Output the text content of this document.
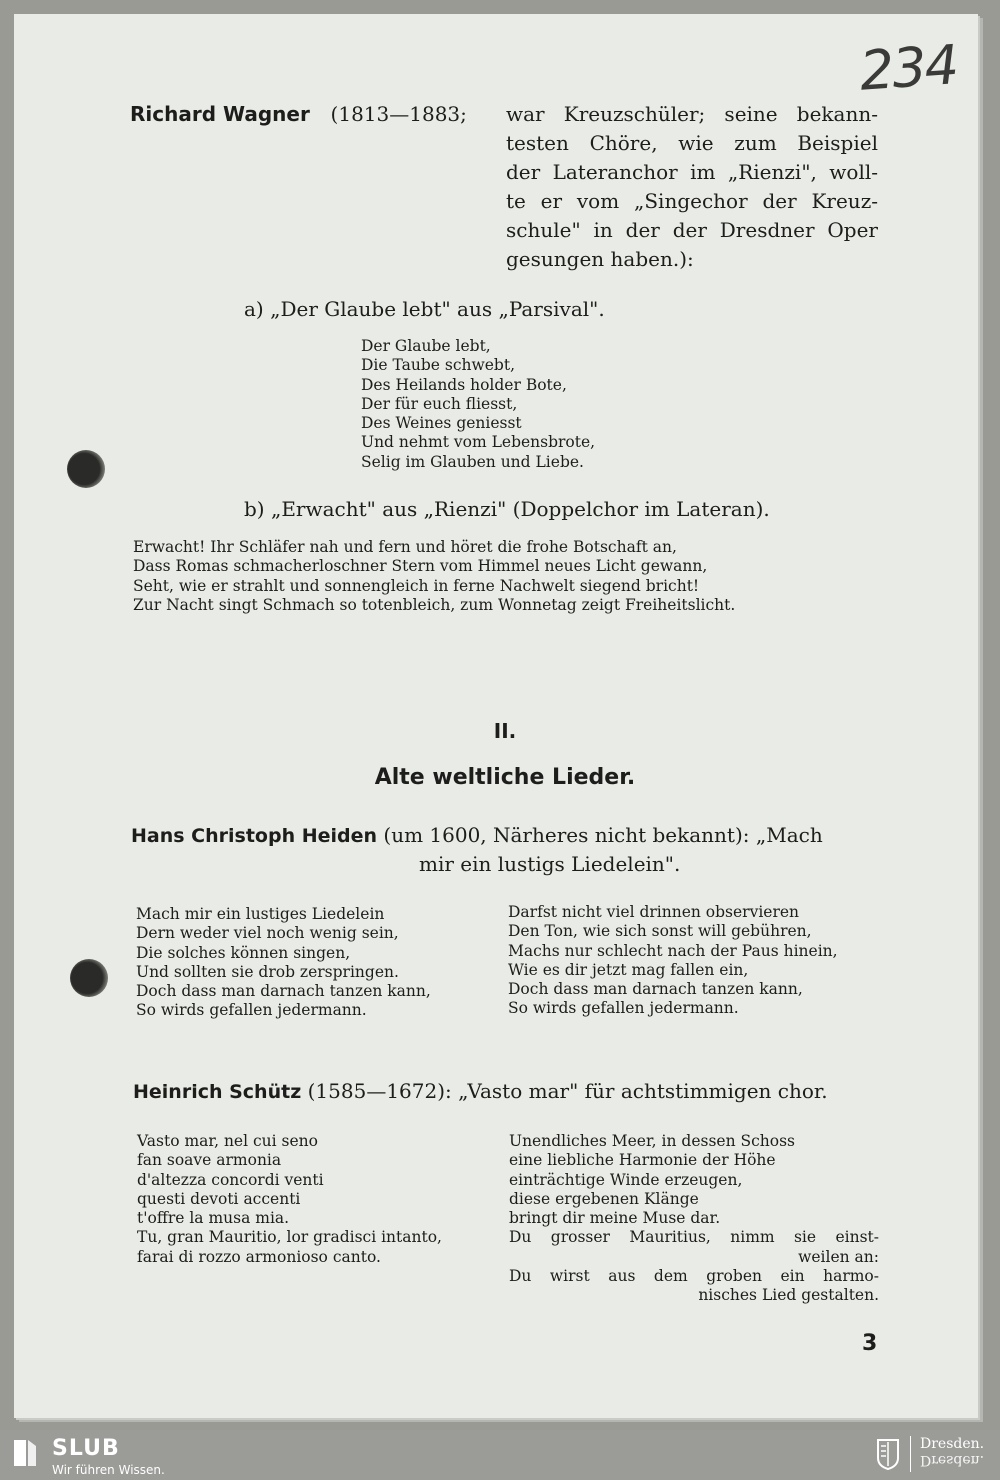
234
Richard Wagner (1813—1883;	war Kreuzschüler; seine bekann-
testen Chöre, wie zum Beispiel
der Lateranchor im „Rienzi", woll-
te er vom „Singechor der Kreuz-
schule" in der der Dresdner Oper
gesungen haben.):
a) „Der Glaube lebt" aus „Parsival".
Der Glaube lebt,
Die Taube schwebt,
Des Heilands holder Bote,
Der für euch fliesst,
Des Weines geniesst
Und nehmt vom Lebensbrote,
Selig im Glauben und Liebe.
b) „Erwacht" aus „Rienzi" (Doppelchor im Lateran).
Erwacht! Ihr Schläfer nah und fern und höret die frohe Botschaft an,
Dass Romas schmacherloschner Stern vom Himmel neues Licht gewann,
Seht, wie er strahlt und sonnengleich in ferne Nachwelt siegend bricht!
Zur Nacht singt Schmach so totenbleich, zum Wonnetag zeigt Freiheitslicht.
II.
Alte weltliche Lieder.
Hans Christoph Heiden (um 1600, Närheres nicht bekannt): „Mach
mir ein lustigs Liedelein".
Mach mir ein lustiges Liedelein
Dern weder viel noch wenig sein,
Die solches können singen,
Und sollten sie drob zerspringen.
Doch dass man darnach tanzen kann,
So wirds gefallen jedermann.
Darfst nicht viel drinnen observieren
Den Ton, wie sich sonst will gebühren,
Machs nur schlecht nach der Paus hinein,
Wie es dir jetzt mag fallen ein,
Doch dass man darnach tanzen kann,
So wirds gefallen jedermann.
Heinrich Schütz (1585—1672): „Vasto mar" für achtstimmigen chor.
Vasto mar, nel cui seno
fan soave armonia
d'altezza concordi venti
questi devoti accenti
t'offre la musa mia.
Tu, gran Mauritio, lor gradisci intanto,
farai di rozzo armonioso canto.
Unendliches Meer, in dessen Schoss
eine liebliche Harmonie der Höhe
einträchtige Winde erzeugen,
diese ergebenen Klänge
bringt dir meine Muse dar.
Du grosser Mauritius, nimm sie einst-
weilen an:
Du wirst aus dem groben ein harmo-
nisches Lied gestalten.
3
SLUB
Wir führen Wissen.
Dresden.
Dresden.
